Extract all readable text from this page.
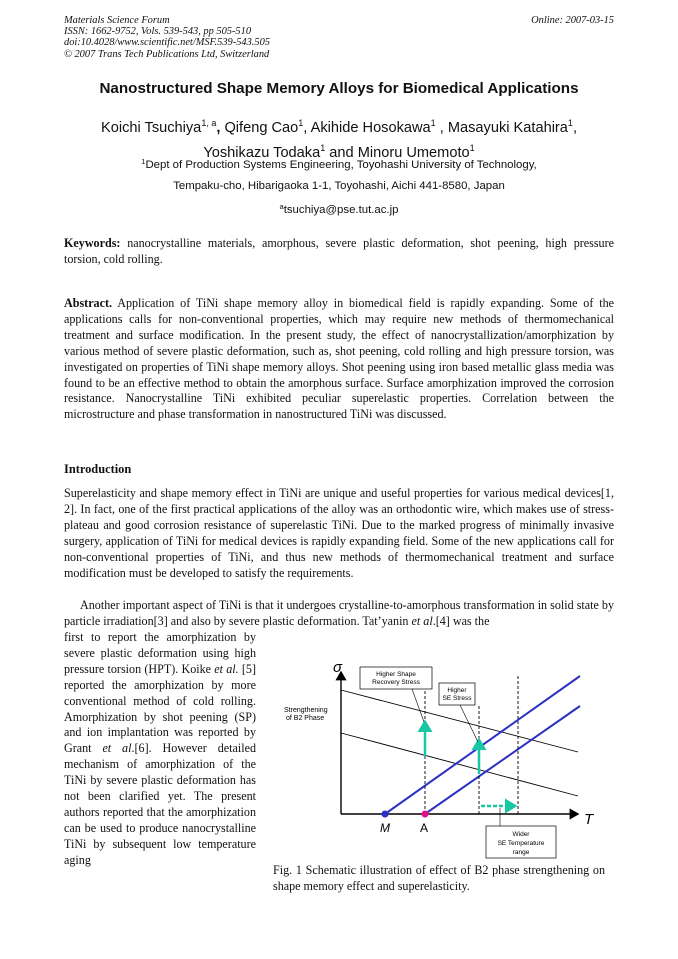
Materials Science Forum
ISSN: 1662-9752, Vols. 539-543, pp 505-510
doi:10.4028/www.scientific.net/MSF.539-543.505
© 2007 Trans Tech Publications Ltd, Switzerland
Online: 2007-03-15
Nanostructured Shape Memory Alloys for Biomedical Applications
Koichi Tsuchiya$^{1, a}$, Qifeng Cao$^1$, Akihide Hosokawa$^1$ , Masayuki Katahira$^1$,
Yoshikazu Todaka$^1$ and Minoru Umemoto$^1$
$^1$Dept of Production Systems Engineering, Toyohashi University of Technology,
Tempaku-cho, Hibarigaoka 1-1, Toyohashi, Aichi 441-8580, Japan
$^a$tsuchiya@pse.tut.ac.jp
Keywords: nanocrystalline materials, amorphous, severe plastic deformation, shot peening, high pressure torsion, cold rolling.
Abstract. Application of TiNi shape memory alloy in biomedical field is rapidly expanding. Some of the applications calls for non-conventional properties, which may require new methods of thermomechanical treatment and surface modification. In the present study, the effect of nanocrystallization/amorphization by various method of severe plastic deformation, such as, shot peening, cold rolling and high pressure torsion, was investigated on properties of TiNi shape memory alloys. Shot peening using iron based metallic glass media was found to be an effective method to obtain the amorphous surface. Surface amorphization improved the corrosion resistance. Nanocrystalline TiNi exhibited peculiar superelastic properties. Correlation between the microstructure and phase transformation in nanostructured TiNi was discussed.
Introduction
Superelasticity and shape memory effect in TiNi are unique and useful properties for various medical devices[1, 2]. In fact, one of the first practical applications of the alloy was an orthodontic wire, which makes use of stress-plateau and good corrosion resistance of superelastic TiNi. Due to the marked progress of minimally invasive surgery, application of TiNi for medical devices is rapidly expanding field. Some of the new applications call for non-conventional properties of TiNi, and thus new methods of thermomechanical treatment and surface modification must be developed to satisfy the requirements.
Another important aspect of TiNi is that it undergoes crystalline-to-amorphous transformation in solid state by particle irradiation[3] and also by severe plastic deformation. Tat’yanin et al.[4] was the
first to report the amorphization by severe plastic deformation using high pressure torsion (HPT). Koike et al. [5] reported the amorphization by more conventional method of cold rolling. Amorphization by shot peening (SP) and ion implantation was reported by Grant et al.[6]. However detailed mechanism of amorphization of the TiNi by severe plastic deformation has not been clarified yet. The present authors reported that the amorphization can be used to produce nanocrystalline TiNi by subsequent low temperature aging
σ
T
M	A
Strengthening
of B2 Phase
Higher Shape
Recovery Stress
Higher
SE Stress
Wider
SE Temperature
range
Fig. 1 Schematic illustration of effect of B2 phase strengthening on shape memory effect and superelasticity.
